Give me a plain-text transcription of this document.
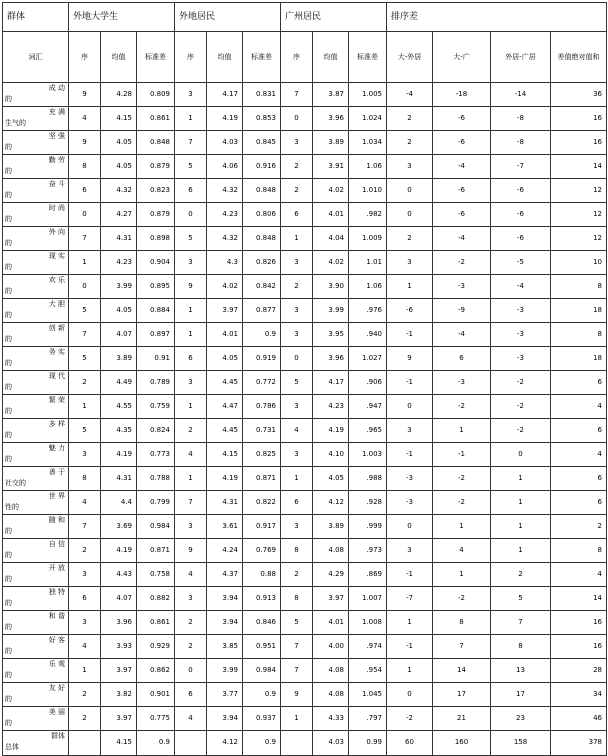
群体	外地大学生			外地居民			广州居民			排序差			
词汇	序	均值	标准差	序	均值	标准差	序	均值	标准差	大-外居	大-广	外居-广居	差值绝对值和

成 动
的	9	4.28	0.809	3	4.17	0.831	7	3.87	1.005	-4	-18	-14	36

充 满
生气的	4	4.15	0.861	1	4.19	0.853	0	3.96	1.024	2	-6	-8	16

坚 强
的	9	4.05	0.848	7	4.03	0.845	3	3.89	1.034	2	-6	-8	16

勤 劳
的	8	4.05	0.879	5	4.06	0.916	2	3.91	1.06	3	-4	-7	14

奋 斗
的	6	4.32	0.823	6	4.32	0.848	2	4.02	1.010	0	-6	-6	12

时 尚
的	0	4.27	0.879	0	4.23	0.806	6	4.01	.982	0	-6	-6	12

外 向
的	7	4.31	0.898	5	4.32	0.848	1	4.04	1.009	2	-4	-6	12

现 实
的	1	4.23	0.904	3	4.3	0.826	3	4.02	1.01	3	-2	-5	10

欢 乐
的	0	3.99	0.895	9	4.02	0.842	2	3.90	1.06	1	-3	-4	8

大 胆
的	5	4.05	0.884	1	3.97	0.877	3	3.99	.976	-6	-9	-3	18

创 新
的	7	4.07	0.897	1	4.01	0.9	3	3.95	.940	-1	-4	-3	8

务 实
的	5	3.89	0.91	6	4.05	0.919	0	3.96	1.027	9	6	-3	18

现 代
的	2	4.49	0.789	3	4.45	0.772	5	4.17	.906	-1	-3	-2	6

繁 荣
的	1	4.55	0.759	1	4.47	0.786	3	4.23	.947	0	-2	-2	4

多 样
的	5	4.35	0.824	2	4.45	0.731	4	4.19	.965	3	1	-2	6

魅 力
的	3	4.19	0.773	4	4.15	0.825	3	4.10	1.003	-1	-1	0	4

善 于
社交的	8	4.31	0.788	1	4.19	0.871	1	4.05	.988	-3	-2	1	6

世 界
性的	4	4.4	0.799	7	4.31	0.822	6	4.12	.928	-3	-2	1	6

随 和
的	7	3.69	0.984	3	3.61	0.917	3	3.89	.999	0	1	1	2

自 信
的	2	4.19	0.871	9	4.24	0.769	8	4.08	.973	3	4	1	8

开 放
的	3	4.43	0.758	4	4.37	0.88	2	4.29	.869	-1	1	2	4

独 特
的	6	4.07	0.882	3	3.94	0.913	8	3.97	1.007	-7	-2	5	14

和 谐
的	3	3.96	0.861	2	3.94	0.846	5	4.01	1.008	1	8	7	16

好 客
的	4	3.93	0.929	2	3.85	0.951	7	4.00	.974	-1	7	8	16

乐 观
的	1	3.97	0.862	0	3.99	0.984	7	4.08	.954	1	14	13	28

友 好
的	2	3.82	0.901	6	3.77	0.9	9	4.08	1.045	0	17	17	34

美 丽
的	2	3.97	0.775	4	3.94	0.937	1	4.33	.797	-2	21	23	46

群体
总体		4.15	0.9		4.12	0.9		4.03	0.99	60	160	158	378
